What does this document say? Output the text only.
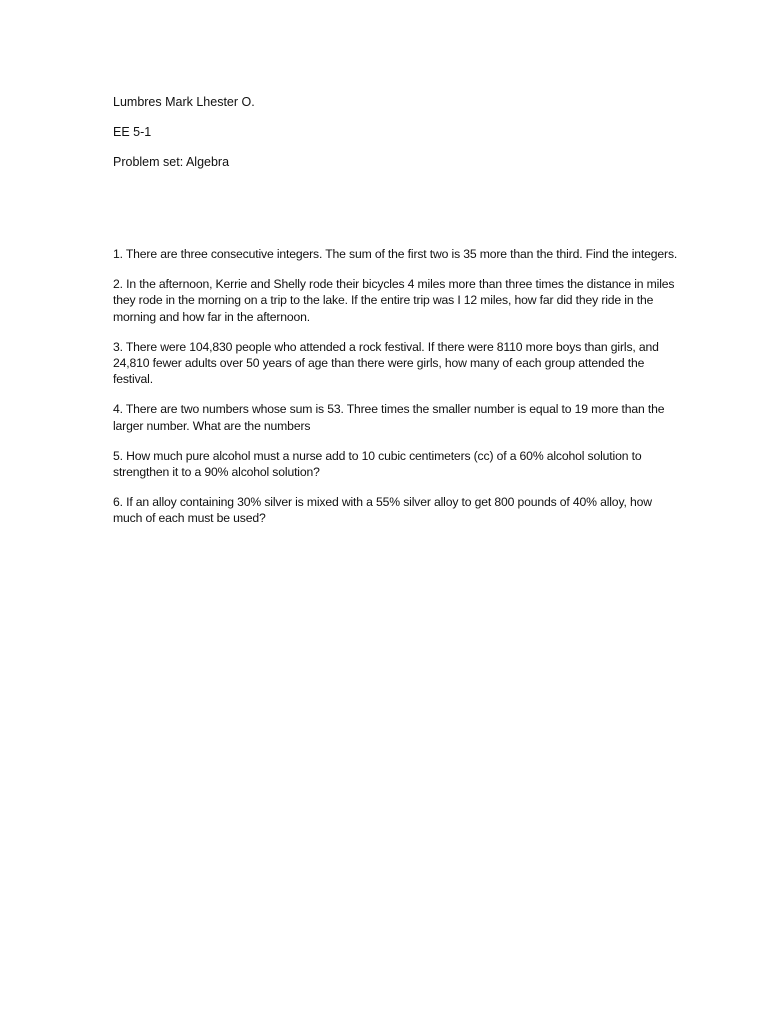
Lumbres Mark Lhester O.
EE 5-1
Problem set: Algebra
1. There are three consecutive integers. The sum of the first two is 35 more than the third. Find the integers.
2. In the afternoon, Kerrie and Shelly rode their bicycles 4 miles more than three times the distance in miles they rode in the morning on a trip to the lake. If the entire trip was I 12 miles, how far did they ride in the morning and how far in the afternoon.
3. There were 104,830 people who attended a rock festival. If there were 8110 more boys than girls, and 24,810 fewer adults over 50 years of age than there were girls, how many of each group attended the festival.
4. There are two numbers whose sum is 53. Three times the smaller number is equal to 19 more than the larger number. What are the numbers
5. How much pure alcohol must a nurse add to 10 cubic centimeters (cc) of a 60% alcohol solution to strengthen it to a 90% alcohol solution?
6. If an alloy containing 30% silver is mixed with a 55% silver alloy to get 800 pounds of 40% alloy, how much of each must be used?
